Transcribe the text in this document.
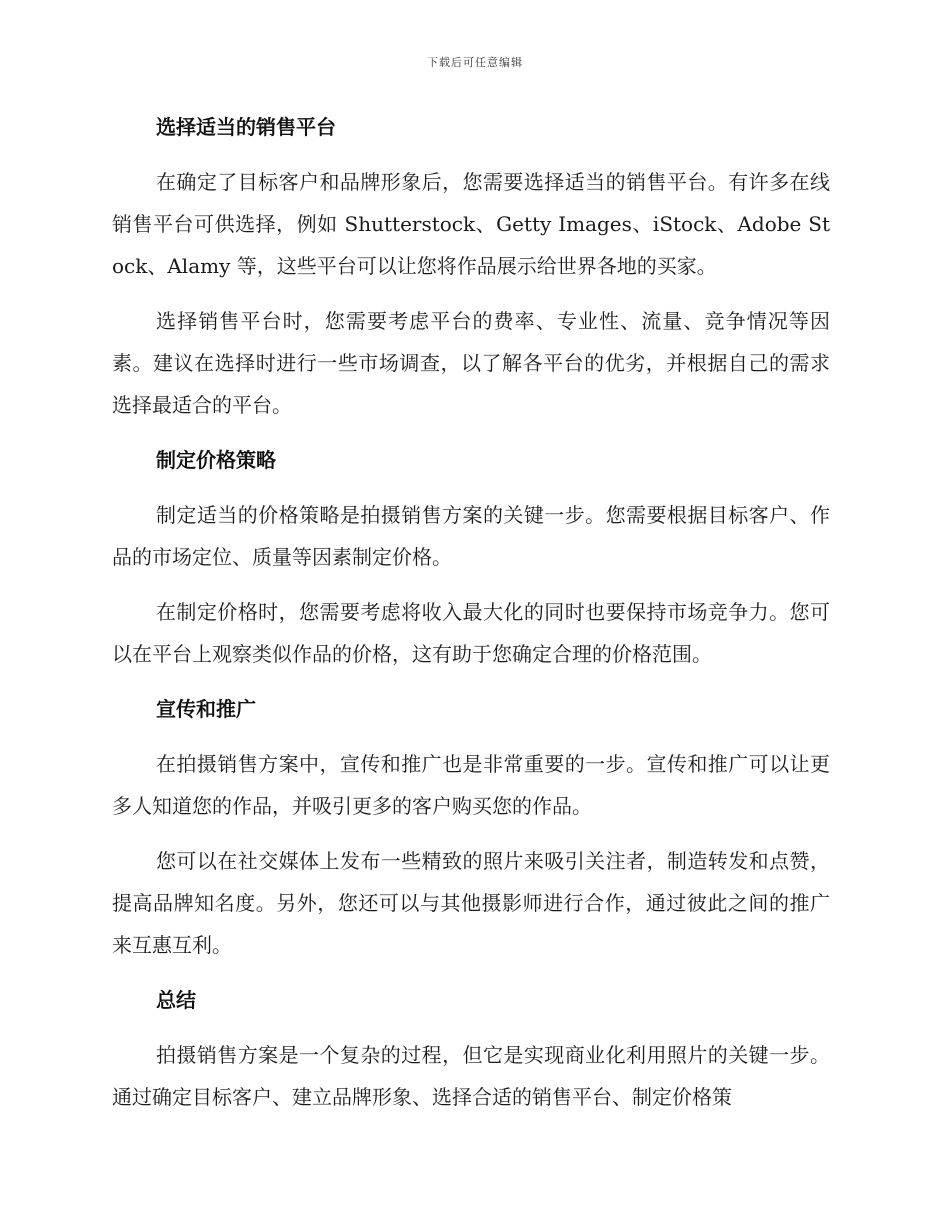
下载后可任意编辑
选择适当的销售平台

在确定了目标客户和品牌形象后，您需要选择适当的销售平台。有许多在线销售平台可供选择，例如 Shutterstock、Getty Images、iStock、Adobe Stock、Alamy 等，这些平台可以让您将作品展示给世界各地的买家。

选择销售平台时，您需要考虑平台的费率、专业性、流量、竞争情况等因素。建议在选择时进行一些市场调查，以了解各平台的优劣，并根据自己的需求选择最适合的平台。

制定价格策略

制定适当的价格策略是拍摄销售方案的关键一步。您需要根据目标客户、作品的市场定位、质量等因素制定价格。

在制定价格时，您需要考虑将收入最大化的同时也要保持市场竞争力。您可以在平台上观察类似作品的价格，这有助于您确定合理的价格范围。

宣传和推广

在拍摄销售方案中，宣传和推广也是非常重要的一步。宣传和推广可以让更多人知道您的作品，并吸引更多的客户购买您的作品。

您可以在社交媒体上发布一些精致的照片来吸引关注者，制造转发和点赞，提高品牌知名度。另外，您还可以与其他摄影师进行合作，通过彼此之间的推广来互惠互利。

总结

拍摄销售方案是一个复杂的过程，但它是实现商业化利用照片的关键一步。通过确定目标客户、建立品牌形象、选择合适的销售平台、制定价格策
